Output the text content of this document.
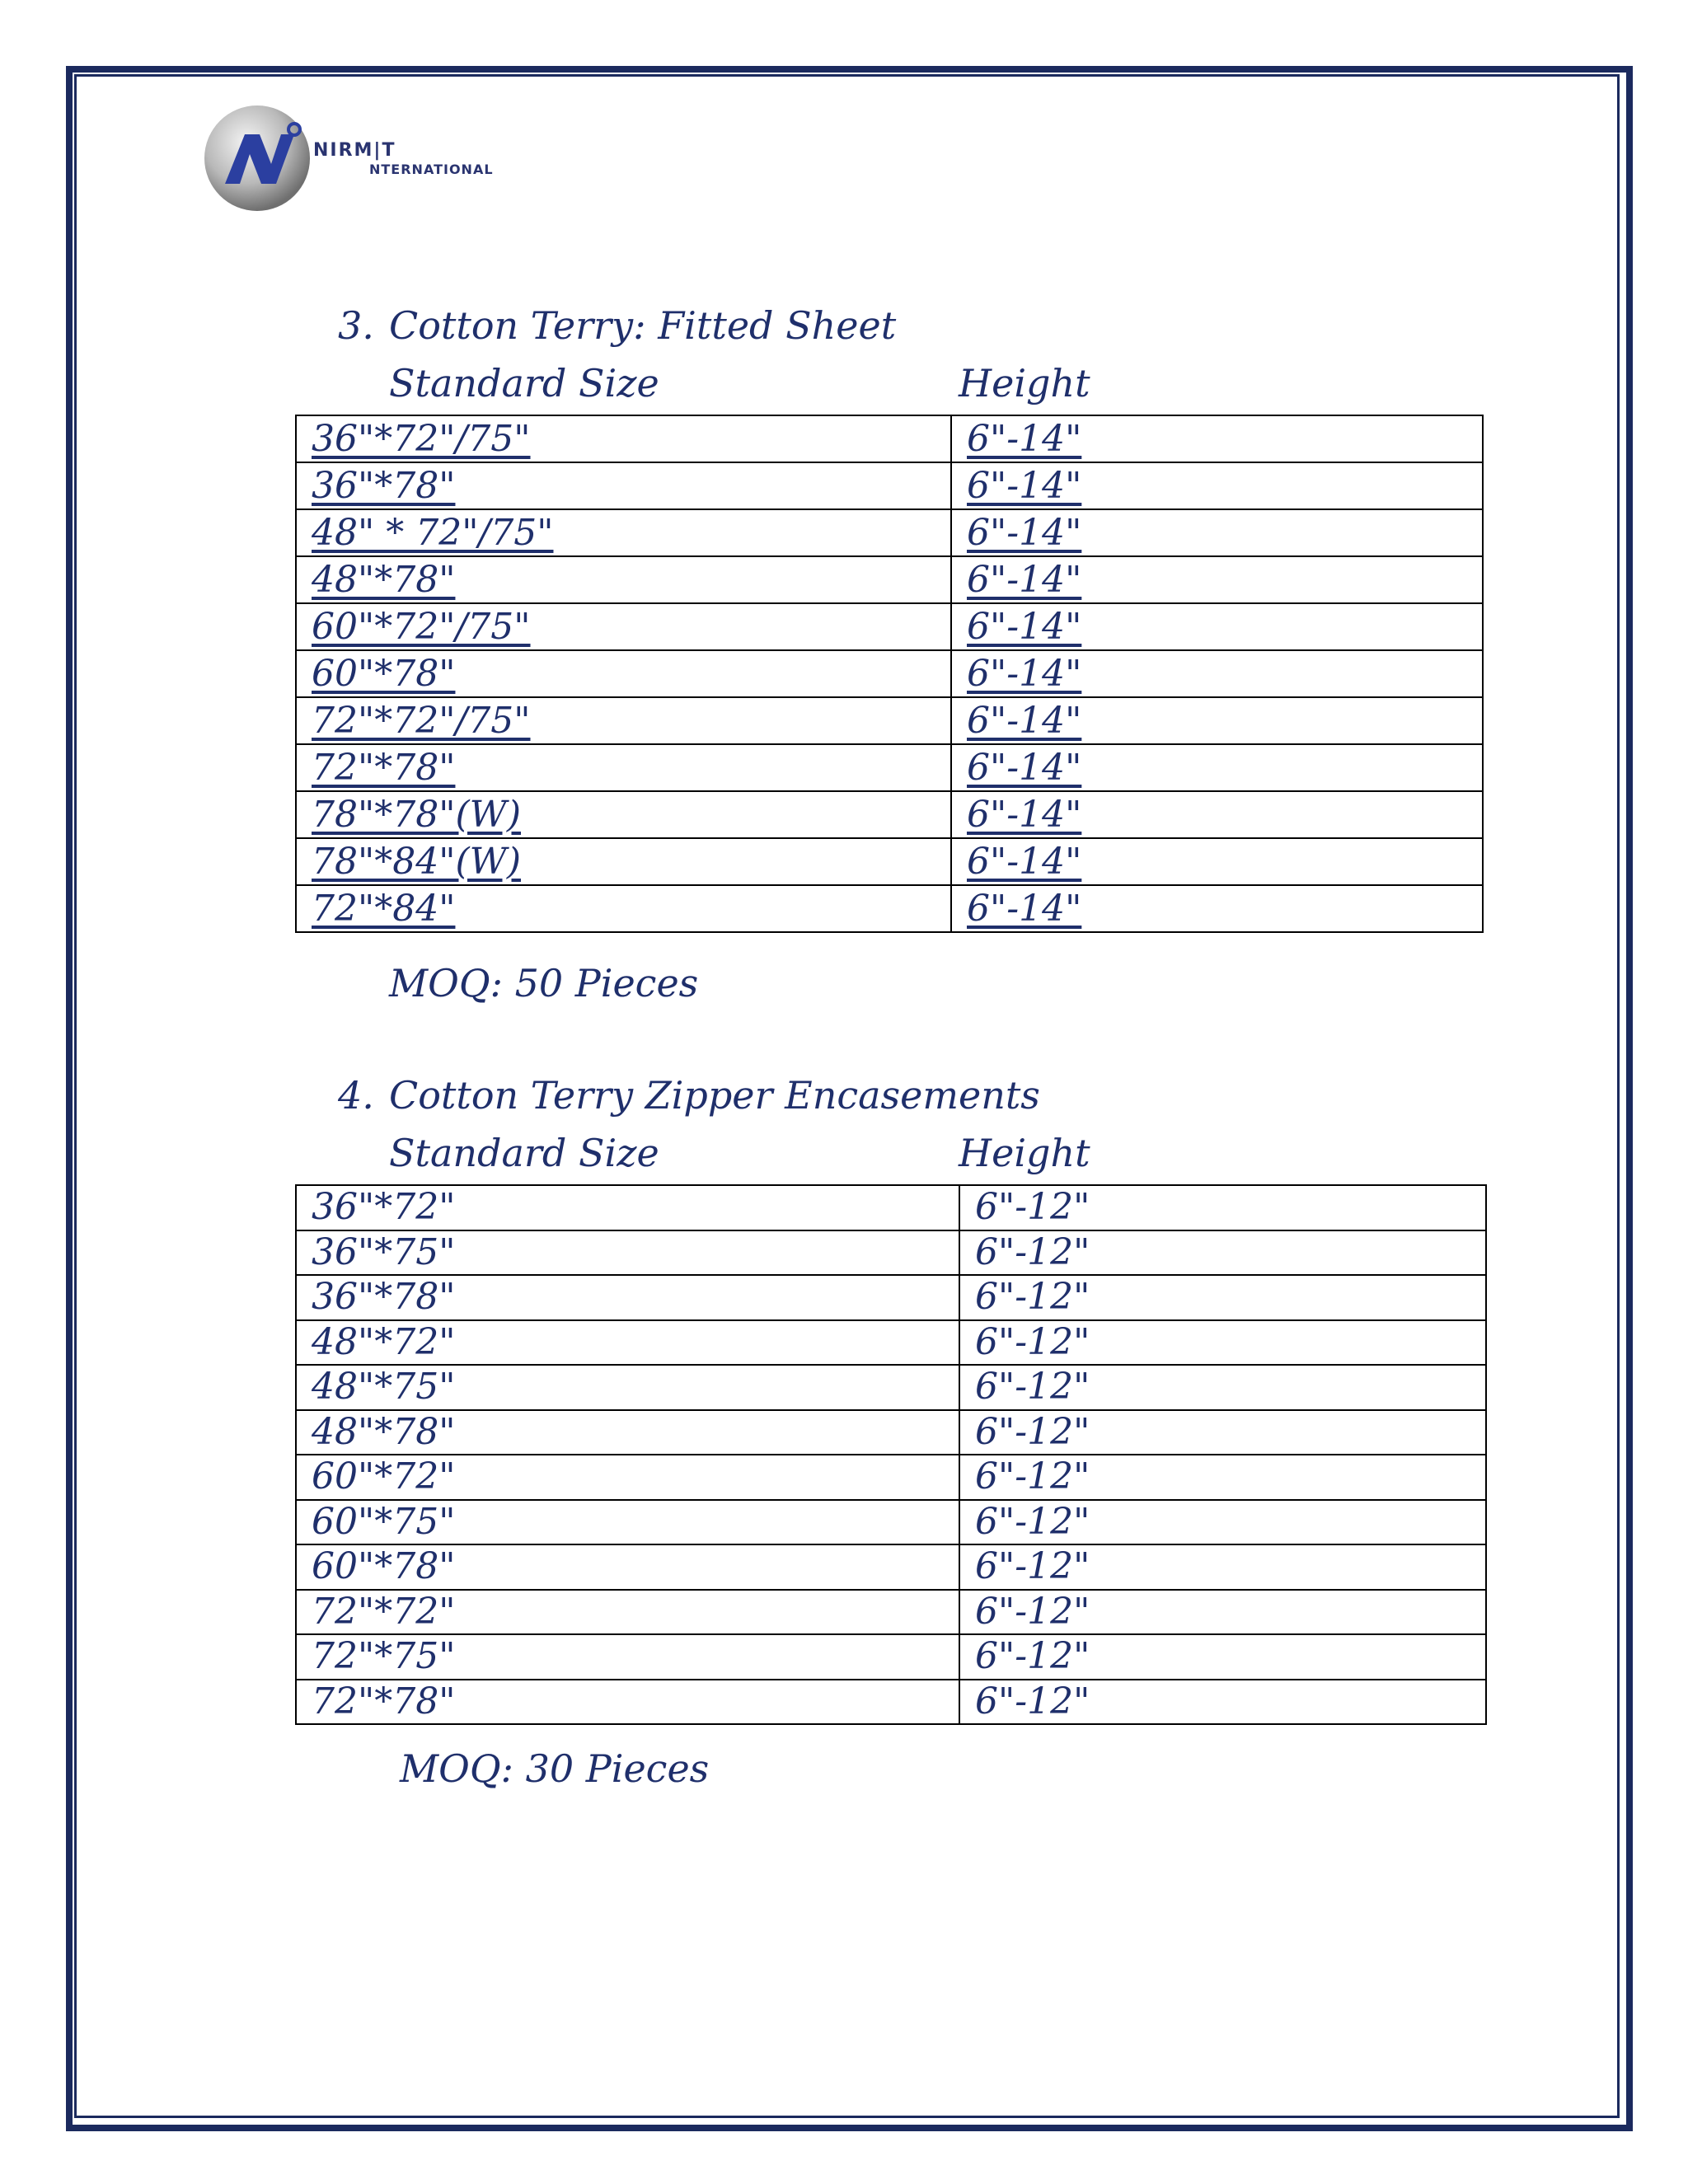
NIRM|T
NTERNATIONAL
3. Cotton Terry: Fitted Sheet
Standard Size	Height
36"*72"/75"	6"-14"
36"*78"	6"-14"
48" * 72"/75"	6"-14"
48"*78"	6"-14"
60"*72"/75"	6"-14"
60"*78"	6"-14"
72"*72"/75"	6"-14"
72"*78"	6"-14"
78"*78"(W)	6"-14"
78"*84"(W)	6"-14"
72"*84"	6"-14"
MOQ: 50 Pieces
4. Cotton Terry Zipper Encasements
Standard Size	Height
36"*72"	6"-12"
36"*75"	6"-12"
36"*78"	6"-12"
48"*72"	6"-12"
48"*75"	6"-12"
48"*78"	6"-12"
60"*72"	6"-12"
60"*75"	6"-12"
60"*78"	6"-12"
72"*72"	6"-12"
72"*75"	6"-12"
72"*78"	6"-12"
MOQ: 30 Pieces
